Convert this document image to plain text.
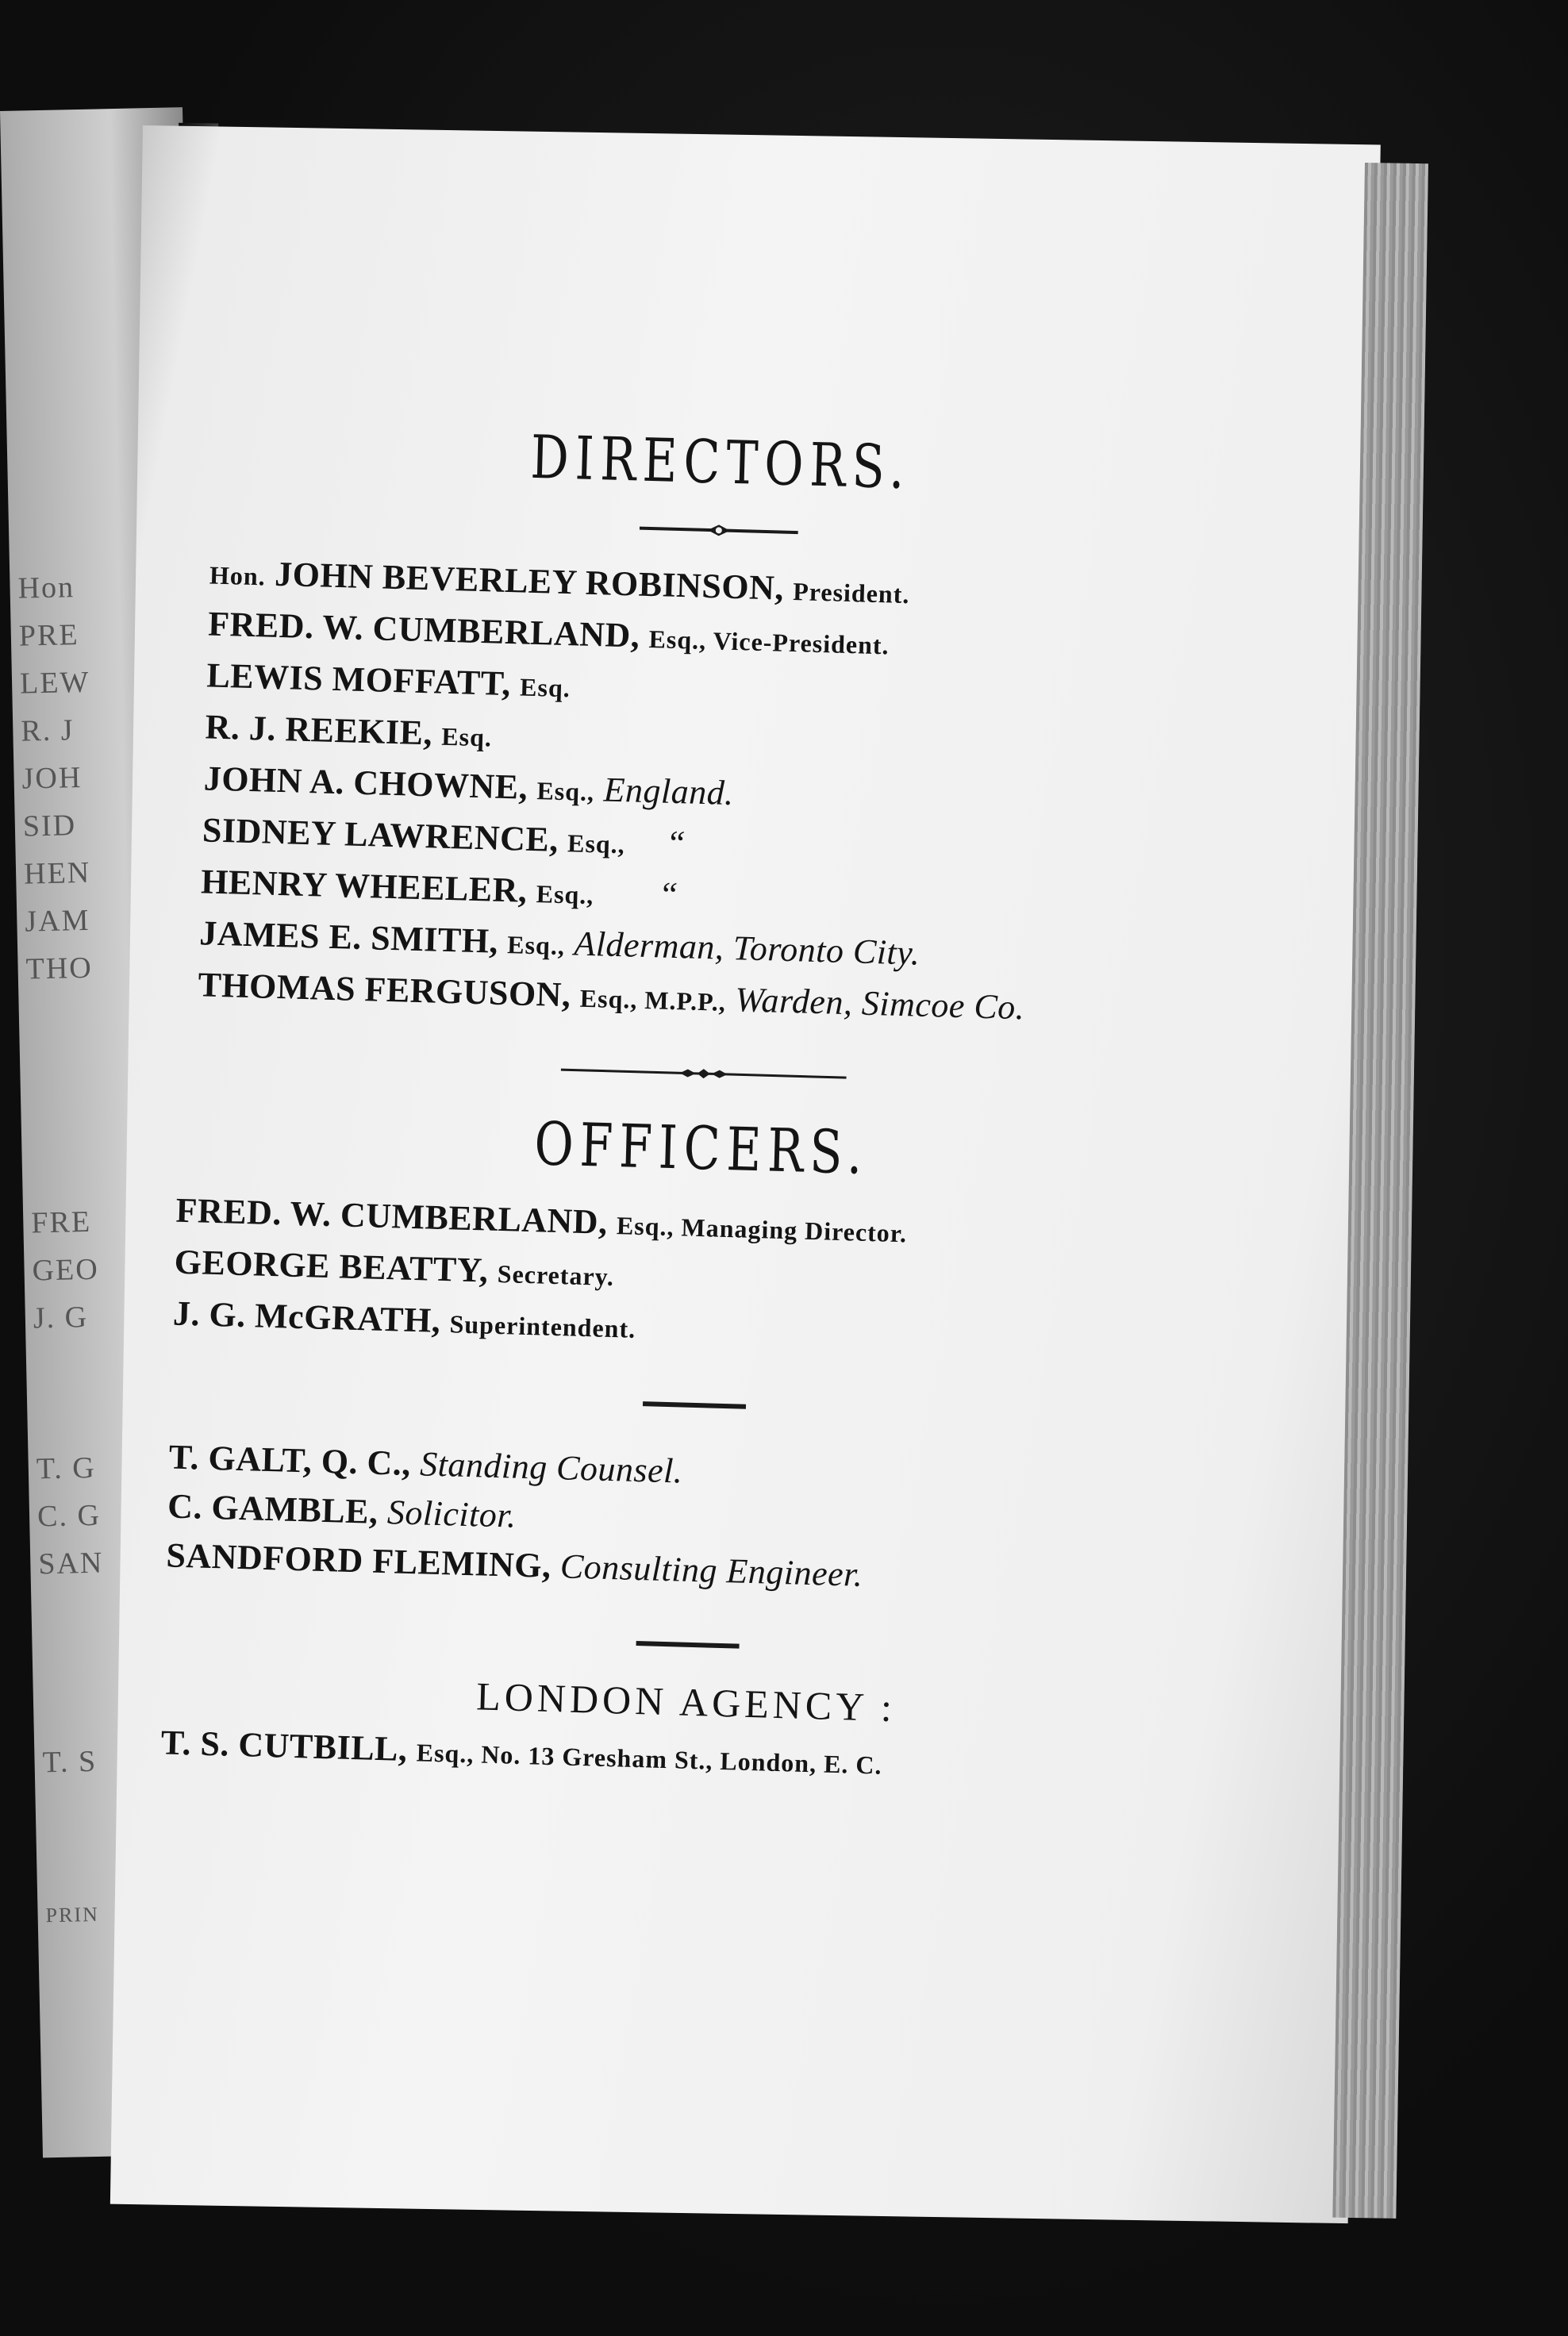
Hon
PRE
LEW
R. J
JOH
SID
HEN
JAM
THO
FRE
GEO
J. G
T. G
C. G
SAN
T. S
PRIN
DIRECTORS.
Hon. JOHN BEVERLEY ROBINSON, President.
FRED. W. CUMBERLAND, Esq., Vice-President.
LEWIS MOFFATT, Esq.
R. J. REEKIE, Esq.
JOHN A. CHOWNE, Esq., England.
SIDNEY LAWRENCE, Esq., “
HENRY WHEELER, Esq., “
JAMES E. SMITH, Esq., Alderman, Toronto City.
THOMAS FERGUSON, Esq., M.P.P., Warden, Simcoe Co.
OFFICERS.
FRED. W. CUMBERLAND, Esq., Managing Director.
GEORGE BEATTY, Secretary.
J. G. McGRATH, Superintendent.
T. GALT, Q. C., Standing Counsel.
C. GAMBLE, Solicitor.
SANDFORD FLEMING, Consulting Engineer.
LONDON AGENCY :
T. S. CUTBILL, Esq., No. 13 Gresham St., London, E. C.
